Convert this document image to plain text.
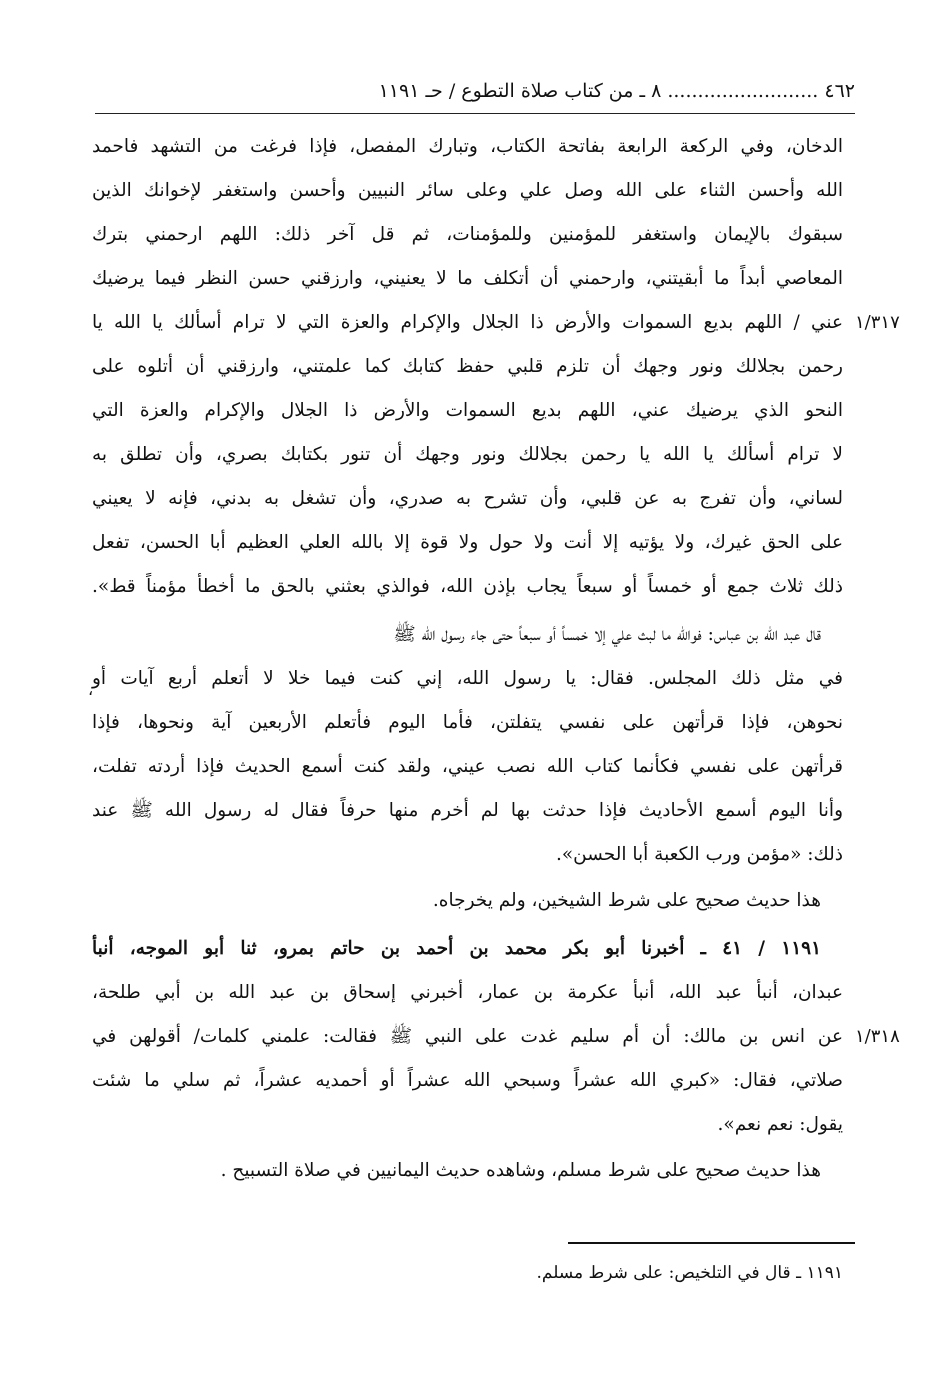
٤٦٢ ......................... ٨ ـ من كتاب صلاة التطوع / حـ ١١٩١
الدخان، وفي الركعة الرابعة بفاتحة الكتاب، وتبارك المفصل، فإذا فرغت من التشهد فاحمد
الله وأحسن الثناء على الله وصل علي وعلى سائر النبيين وأحسن واستغفر لإخوانك الذين
سبقوك بالإيمان واستغفر للمؤمنين وللمؤمنات، ثم قل آخر ذلك: اللهم ارحمني بترك
المعاصي أبداً ما أبقيتني، وارحمني أن أتكلف ما لا يعنيني، وارزقني حسن النظر فيما يرضيك
عني / اللهم بديع السموات والأرض ذا الجلال والإكرام والعزة التي لا ترام أسألك يا الله يا
رحمن بجلالك ونور وجهك أن تلزم قلبي حفظ كتابك كما علمتني، وارزقني أن أتلوه على
النحو الذي يرضيك عني، اللهم بديع السموات والأرض ذا الجلال والإكرام والعزة التي
لا ترام أسألك يا الله يا رحمن بجلالك ونور وجهك أن تنور بكتابك بصري، وأن تطلق به
لساني، وأن تفرج به عن قلبي، وأن تشرح به صدري، وأن تشغل به بدني، فإنه لا يعيني
على الحق غيرك، ولا يؤتيه إلا أنت ولا حول ولا قوة إلا بالله العلي العظيم أبا الحسن، تفعل
ذلك ثلاث جمع أو خمساً أو سبعاً يجاب بإذن الله، فوالذي بعثني بالحق ما أخطأ مؤمناً قط».
قال عبد الله بن عباس: فوالله ما لبث علي إلا خمساً أو سبعاً حتى جاء رسول الله ﷺ
في مثل ذلك المجلس. فقال: يا رسول الله، إني كنت فيما خلا لا أتعلم أربع آيات أو
نحوهن، فإذا قرأتهن على نفسي يتفلتن، فأما اليوم فأتعلم الأربعين آية ونحوها، فإذا
قرأتهن على نفسي فكأنما كتاب الله نصب عيني، ولقد كنت أسمع الحديث فإذا أردته تفلت،
وأنا اليوم أسمع الأحاديث فإذا حدثت بها لم أخرم منها حرفاً فقال له رسول الله ﷺ عند
ذلك: «مؤمن ورب الكعبة أبا الحسن».
هذا حديث صحيح على شرط الشيخين، ولم يخرجاه.
١١٩١ / ٤١ ـ أخبرنا أبو بكر محمد بن أحمد بن حاتم بمرو، ثنا أبو الموجه، أنبأ
عبدان، أنبأ عبد الله، أنبأ عكرمة بن عمار، أخبرني إسحاق بن عبد الله بن أبي طلحة،
عن انس بن مالك: أن أم سليم غدت على النبي ﷺ فقالت: علمني كلمات/ أقولهن في
صلاتي، فقال: «كبري الله عشراً وسبحي الله عشراً أو أحمديه عشراً، ثم سلي ما شئت
يقول: نعم نعم».
هذا حديث صحيح على شرط مسلم، وشاهده حديث اليمانيين في صلاة التسبيح .
١/٣١٧
١/٣١٨
،
١١٩١ ـ قال في التلخيص: على شرط مسلم.
